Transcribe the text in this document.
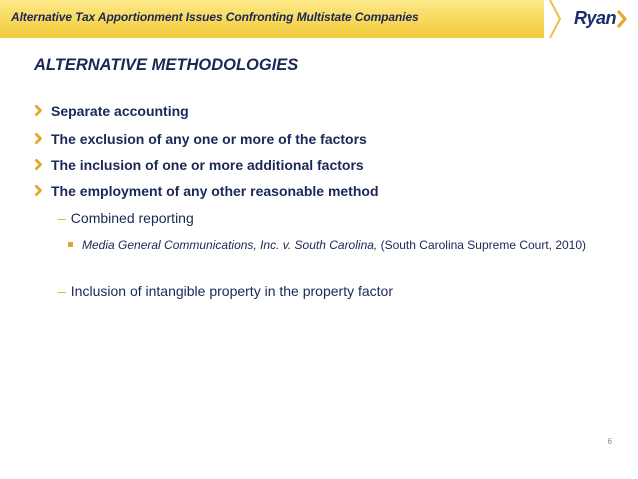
Alternative Tax Apportionment Issues Confronting Multistate Companies	Ryan
ALTERNATIVE METHODOLOGIES
Separate accounting
The exclusion of any one or more of the factors
The inclusion of one or more additional factors
The employment of any other reasonable method
– Combined reporting
Media General Communications, Inc. v. South Carolina, (South Carolina Supreme Court, 2010)
– Inclusion of intangible property in the property factor
6
